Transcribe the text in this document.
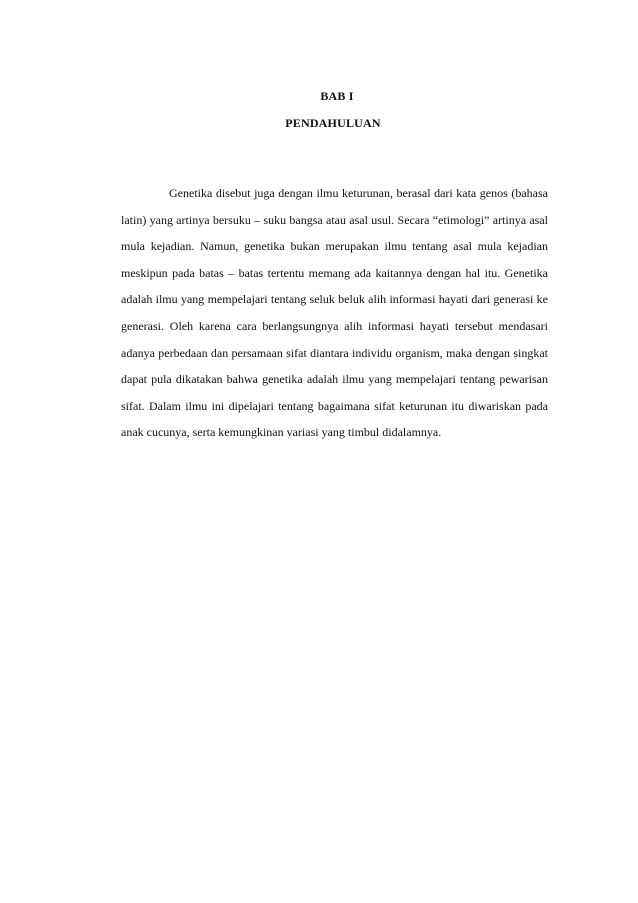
BAB I
PENDAHULUAN

Genetika disebut juga dengan ilmu keturunan, berasal dari kata genos (bahasa latin) yang artinya bersuku – suku bangsa atau asal usul. Secara “etimologi” artinya asal mula kejadian. Namun, genetika bukan merupakan ilmu tentang asal mula kejadian meskipun pada batas – batas tertentu memang ada kaitannya dengan hal itu. Genetika adalah ilmu yang mempelajari tentang seluk beluk alih informasi hayati dari generasi ke generasi. Oleh karena cara berlangsungnya alih informasi hayati tersebut mendasari adanya perbedaan dan persamaan sifat diantara individu organism, maka dengan singkat dapat pula dikatakan bahwa genetika adalah ilmu yang mempelajari tentang pewarisan sifat. Dalam ilmu ini dipelajari tentang bagaimana sifat keturunan itu diwariskan pada anak cucunya, serta kemungkinan variasi yang timbul didalamnya.
